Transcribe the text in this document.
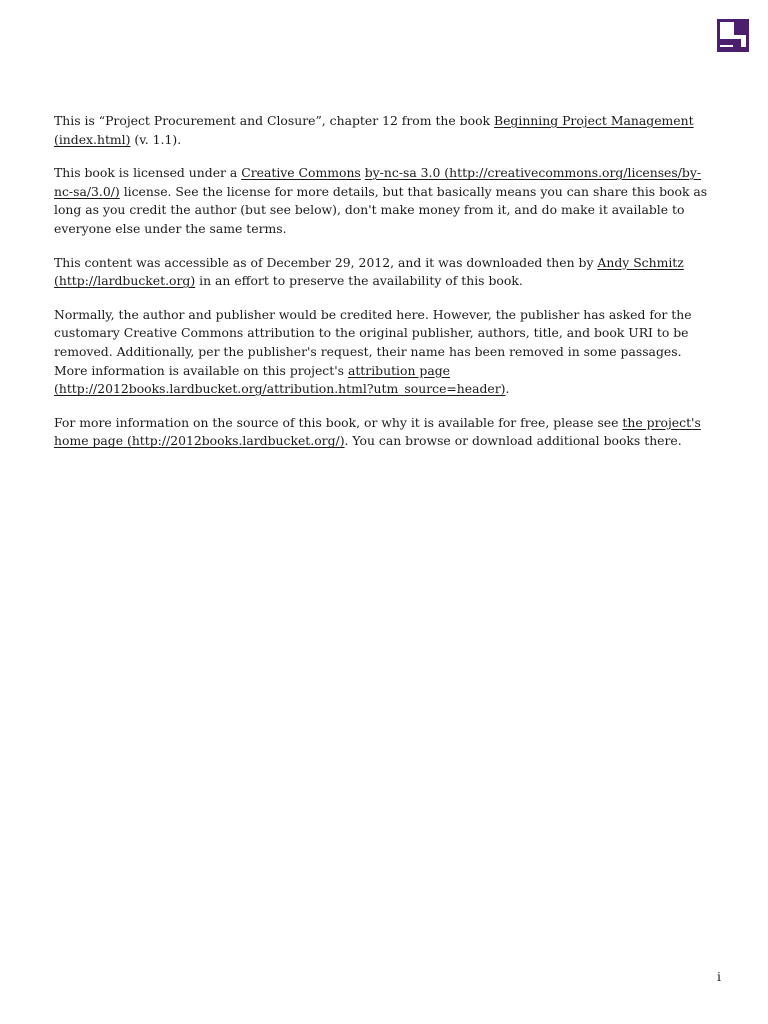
This is “Project Procurement and Closure”, chapter 12 from the book Beginning Project Management (index.html) (v. 1.1).

This book is licensed under a Creative Commons by-nc-sa 3.0 (http://creativecommons.org/licenses/by-nc-sa/3.0/) license. See the license for more details, but that basically means you can share this book as long as you credit the author (but see below), don't make money from it, and do make it available to everyone else under the same terms.

This content was accessible as of December 29, 2012, and it was downloaded then by Andy Schmitz (http://lardbucket.org) in an effort to preserve the availability of this book.

Normally, the author and publisher would be credited here. However, the publisher has asked for the customary Creative Commons attribution to the original publisher, authors, title, and book URI to be removed. Additionally, per the publisher's request, their name has been removed in some passages. More information is available on this project's attribution page (http://2012books.lardbucket.org/attribution.html?utm_source=header).

For more information on the source of this book, or why it is available for free, please see the project's home page (http://2012books.lardbucket.org/). You can browse or download additional books there.

i
